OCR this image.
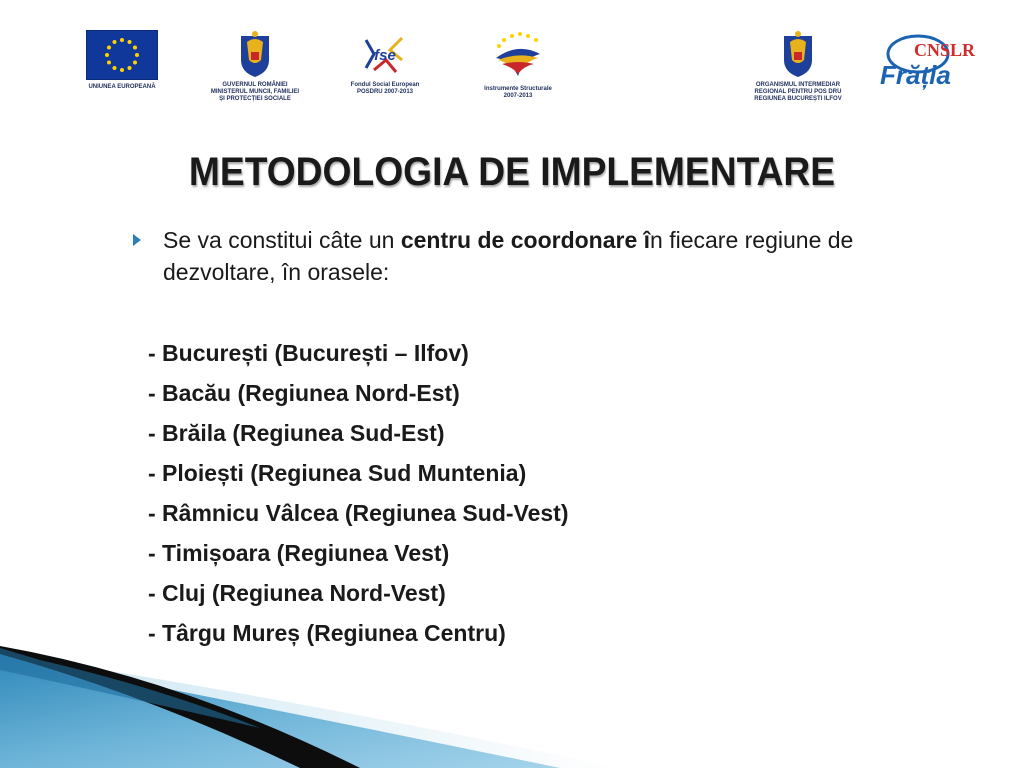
UNIUNEA EUROPEANĂ	GUVERNUL ROMÂNIEI
MINISTERUL MUNCII, FAMILIEI
ȘI PROTECȚIEI SOCIALE
fse
Fondul Social European
POSDRU 2007-2013	Instrumente Structurale
2007-2013
ORGANISMUL INTERMEDIAR
REGIONAL PENTRU POS DRU
REGIUNEA BUCUREȘTI ILFOV
CNSLR
Frăția
METODOLOGIA DE IMPLEMENTARE
Se va constitui câte un centru de coordonare în fiecare regiune de dezvoltare, în orasele:
- București (București – Ilfov)
- Bacău (Regiunea Nord-Est)
- Brăila (Regiunea Sud-Est)
- Ploiești (Regiunea Sud Muntenia)
- Râmnicu Vâlcea (Regiunea Sud-Vest)
- Timișoara (Regiunea Vest)
- Cluj (Regiunea Nord-Vest)
- Târgu Mureș (Regiunea Centru)
